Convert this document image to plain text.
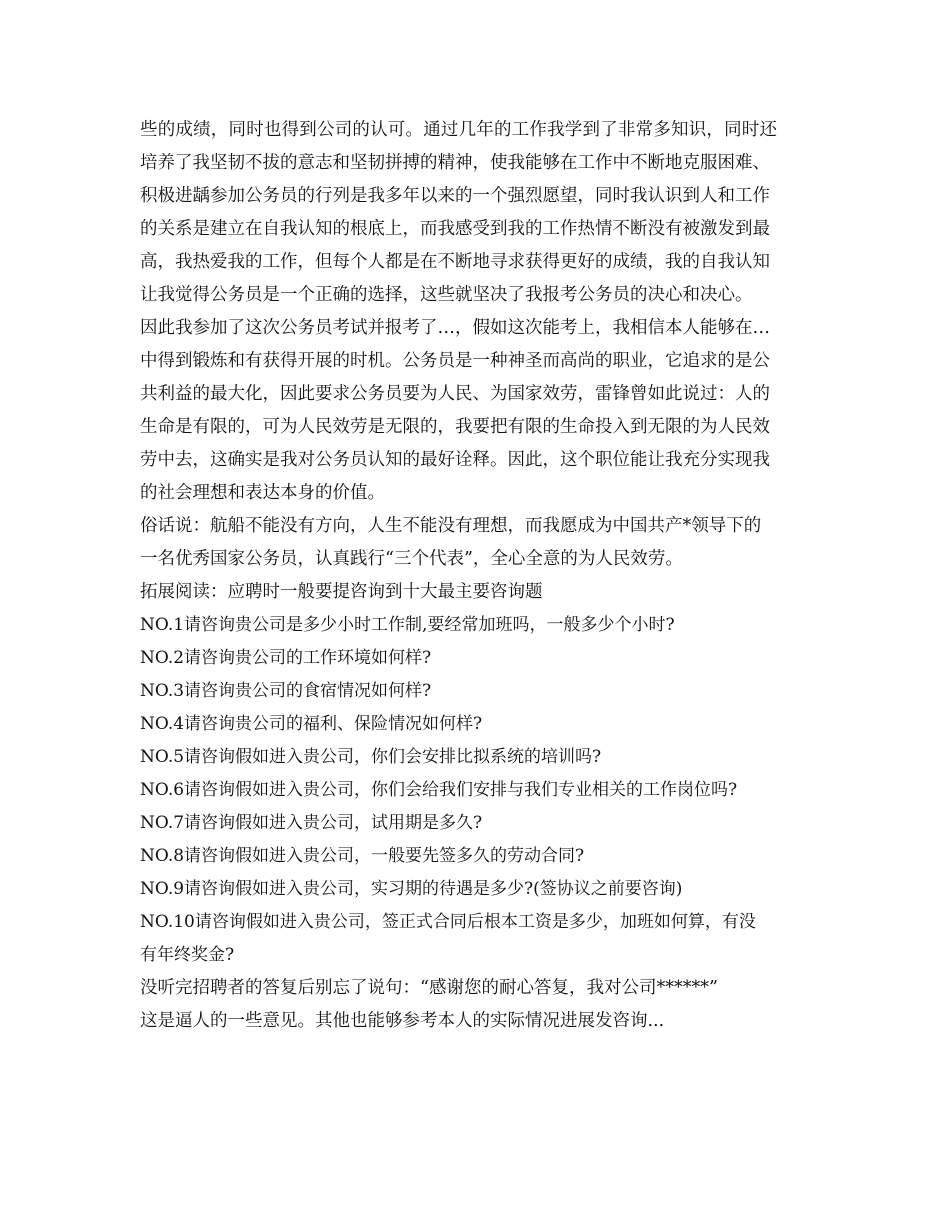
些的成绩，同时也得到公司的认可。通过几年的工作我学到了非常多知识，同时还
培养了我坚韧不拔的意志和坚韧拼搏的精神，使我能够在工作中不断地克服困难、
积极进龋参加公务员的行列是我多年以来的一个强烈愿望，同时我认识到人和工作
的关系是建立在自我认知的根底上，而我感受到我的工作热情不断没有被激发到最
高，我热爱我的工作，但每个人都是在不断地寻求获得更好的成绩，我的自我认知
让我觉得公务员是一个正确的选择，这些就坚决了我报考公务员的决心和决心。
因此我参加了这次公务员考试并报考了…，假如这次能考上，我相信本人能够在…
中得到锻炼和有获得开展的时机。公务员是一种神圣而高尚的职业，它追求的是公
共利益的最大化，因此要求公务员要为人民、为国家效劳，雷锋曾如此说过：人的
生命是有限的，可为人民效劳是无限的，我要把有限的生命投入到无限的为人民效
劳中去，这确实是我对公务员认知的最好诠释。因此，这个职位能让我充分实现我
的社会理想和表达本身的价值。
俗话说：航船不能没有方向，人生不能没有理想，而我愿成为中国共产*领导下的
一名优秀国家公务员，认真践行“三个代表”，全心全意的为人民效劳。
拓展阅读：应聘时一般要提咨询到十大最主要咨询题
NO.1请咨询贵公司是多少小时工作制,要经常加班吗，一般多少个小时?
NO.2请咨询贵公司的工作环境如何样?
NO.3请咨询贵公司的食宿情况如何样?
NO.4请咨询贵公司的福利、保险情况如何样?
NO.5请咨询假如进入贵公司，你们会安排比拟系统的培训吗?
NO.6请咨询假如进入贵公司，你们会给我们安排与我们专业相关的工作岗位吗?
NO.7请咨询假如进入贵公司，试用期是多久?
NO.8请咨询假如进入贵公司，一般要先签多久的劳动合同?
NO.9请咨询假如进入贵公司，实习期的待遇是多少?(签协议之前要咨询)
NO.10请咨询假如进入贵公司，签正式合同后根本工资是多少，加班如何算，有没
有年终奖金?
没听完招聘者的答复后别忘了说句：“感谢您的耐心答复，我对公司******”
这是逼人的一些意见。其他也能够参考本人的实际情况进展发咨询...
